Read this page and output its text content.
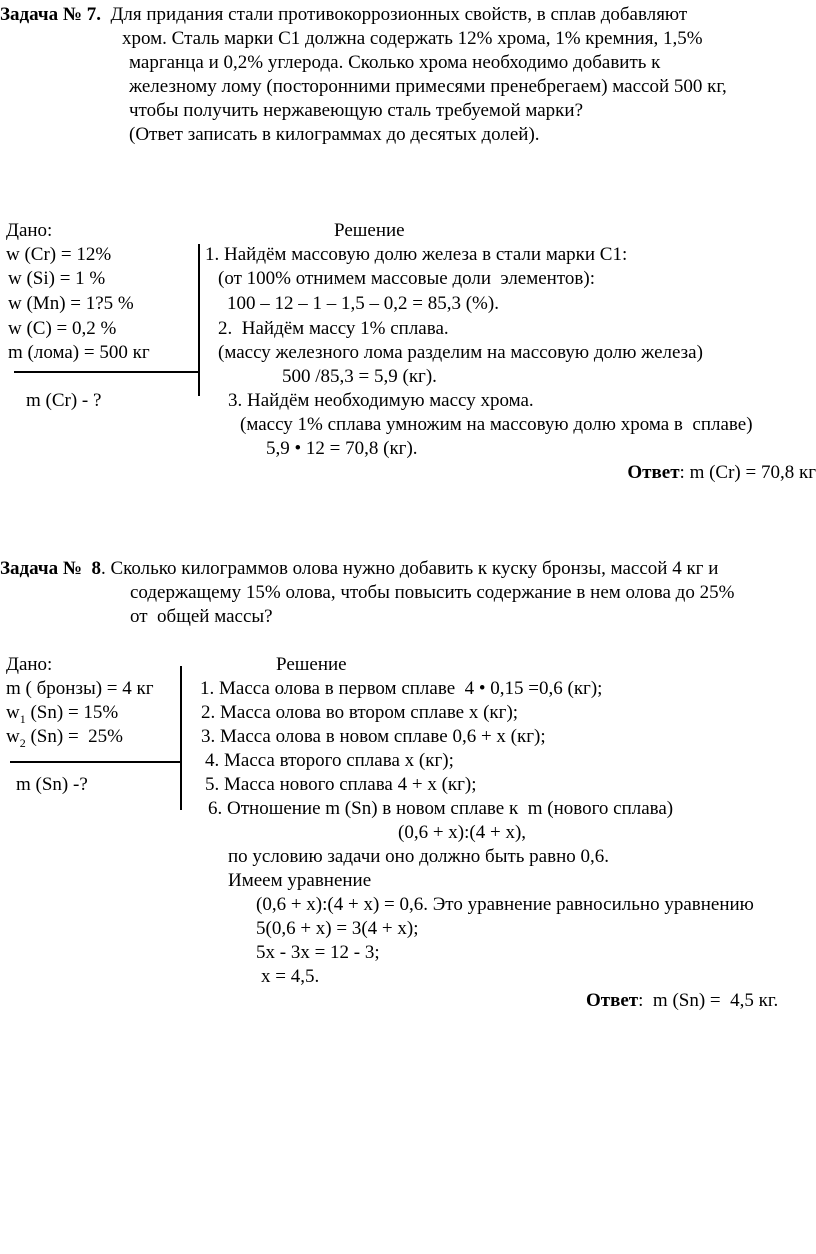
Задача № 7. Для придания стали противокоррозионных свойств, в сплав добавляют
хром. Сталь марки С1 должна содержать 12% хрома, 1% кремния, 1,5%
марганца и 0,2% углерода. Сколько хрома необходимо добавить к
железному лому (посторонними примесями пренебрегаем) массой 500 кг,
чтобы получить нержавеющую сталь требуемой марки?
(Ответ записать в килограммах до десятых долей).
Дано:
w (Cr) = 12%
w (Si) = 1 %
w (Mn) = 1?5 %
w (C) = 0,2 %
m (лома) = 500 кг
m (Cr) - ?
Решение
1. Найдём массовую долю железа в стали марки С1:
(от 100% отнимем массовые доли  элементов):
100 – 12 – 1 – 1,5 – 0,2 = 85,3 (%).
2.  Найдём массу 1% сплава.
(массу железного лома разделим на массовую долю железа)
500 /85,3 = 5,9 (кг).
3. Найдём необходимую массу хрома.
(массу 1% сплава умножим на массовую долю хрома в  сплаве)
5,9 • 12 = 70,8 (кг).
Ответ: m (Cr) = 70,8 кг
Задача №  8. Сколько килограммов олова нужно добавить к куску бронзы, массой 4 кг и
содержащему 15% олова, чтобы повысить содержание в нем олова до 25%
от  общей массы?
Дано:
m ( бронзы) = 4 кг
$w_1$ (Sn) = 15%
$w_2$ (Sn) =  25%
m (Sn) -?
Решение
1. Масса олова в первом сплаве  4 • 0,15 =0,6 (кг);
2. Масса олова во втором сплаве х (кг);
3. Масса олова в новом сплаве 0,6 + х (кг);
4. Масса второго сплава х (кг);
5. Масса нового сплава 4 + х (кг);
6. Отношение m (Sn) в новом сплаве к  m (нового сплава)
(0,6 + х):(4 + х),
по условию задачи оно должно быть равно 0,6.
Имеем уравнение
(0,6 + х):(4 + х) = 0,6. Это уравнение равносильно уравнению
5(0,6 + х) = 3(4 + х);
5х - 3х = 12 - 3;
х = 4,5.
Ответ:  m (Sn) =  4,5 кг.
